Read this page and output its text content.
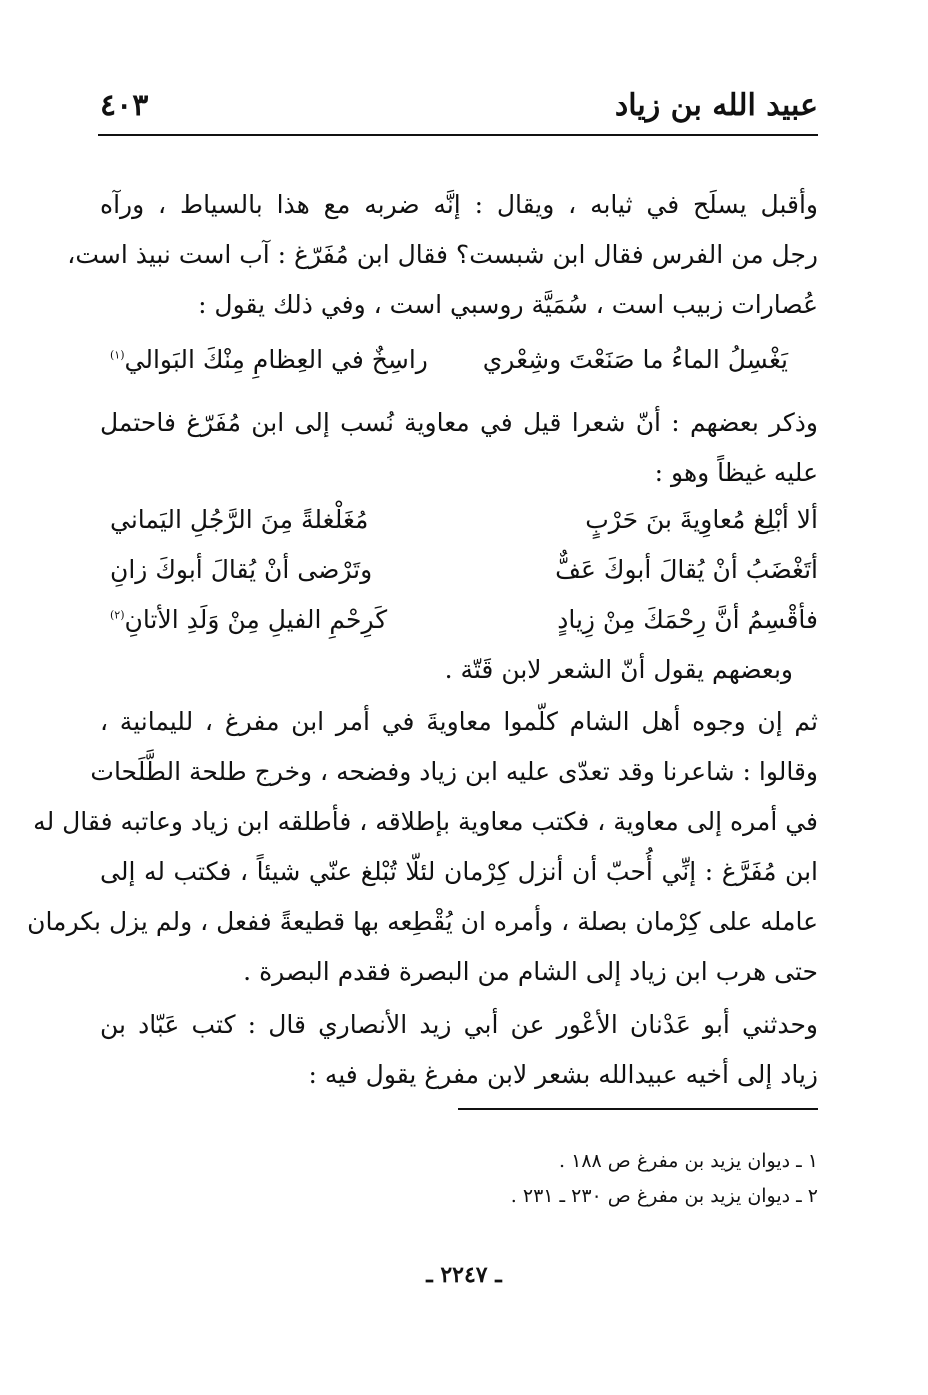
عبيد الله بن زياد
٤٠٣
وأقبل يسلَح في ثيابه ، ويقال : إنَّه ضربه مع هذا بالسياط ، ورآه
رجل من الفرس فقال ابن شبست؟ فقال ابن مُفَرّغ : آب است نبيذ است،
عُصارات زبيب است ، سُمَيَّة روسبي است ، وفي ذلك يقول :
يَغْسِلُ الماءُ ما صَنَعْتَ وشِعْري
راسِخٌ في العِظامِ مِنْكَ البَوالي$^{(١)}$
وذكر بعضهم : أنّ شعرا قيل في معاوية نُسب إلى ابن مُفَرّغ فاحتمل
عليه غيظاً وهو :
ألا أبْلِغ مُعاوِيةَ بنَ حَرْبٍ
مُغَلْغلةً مِنَ الرَّجُلِ اليَماني
أتَغْضَبُ أنْ يُقالَ أبوكَ عَفٌّ
وتَرْضى أنْ يُقالَ أبوكَ زانِ
فأقْسِمُ أنَّ رِحْمَكَ مِنْ زِيادٍ
كَرِحْمِ الفيلِ مِنْ وَلَدِ الأتانِ$^{(٢)}$
وبعضهم يقول أنّ الشعر لابن قَتّة .
ثم إن وجوه أهل الشام كلّموا معاويةَ في أمر ابن مفرغ ، لليمانية ،
وقالوا : شاعرنا وقد تعدّى عليه ابن زياد وفضحه ، وخرج طلحة الطَّلَحات
في أمره إلى معاوية ، فكتب معاوية بإطلاقه ، فأطلقه ابن زياد وعاتبه فقال له
ابن مُفَرَّغ : إنِّي أُحبّ أن أنزل كِرْمان لئلّا تُبْلغ عنّي شيئاً ، فكتب له إلى
عامله على كِرْمان بصلة ، وأمره ان يُقْطِعه بها قطيعةً ففعل ، ولم يزل بكرمان
حتى هرب ابن زياد إلى الشام من البصرة فقدم البصرة .
وحدثني أبو عَدْنان الأعْور عن أبي زيد الأنصاري قال : كتب عَبّاد بن
زياد إلى أخيه عبيدالله بشعر لابن مفرغ يقول فيه :
١ ـ ديوان يزيد بن مفرغ ص ١٨٨ .
٢ ـ ديوان يزيد بن مفرغ ص ٢٣٠ ـ ٢٣١ .
ـ ٢٢٤٧ ـ
